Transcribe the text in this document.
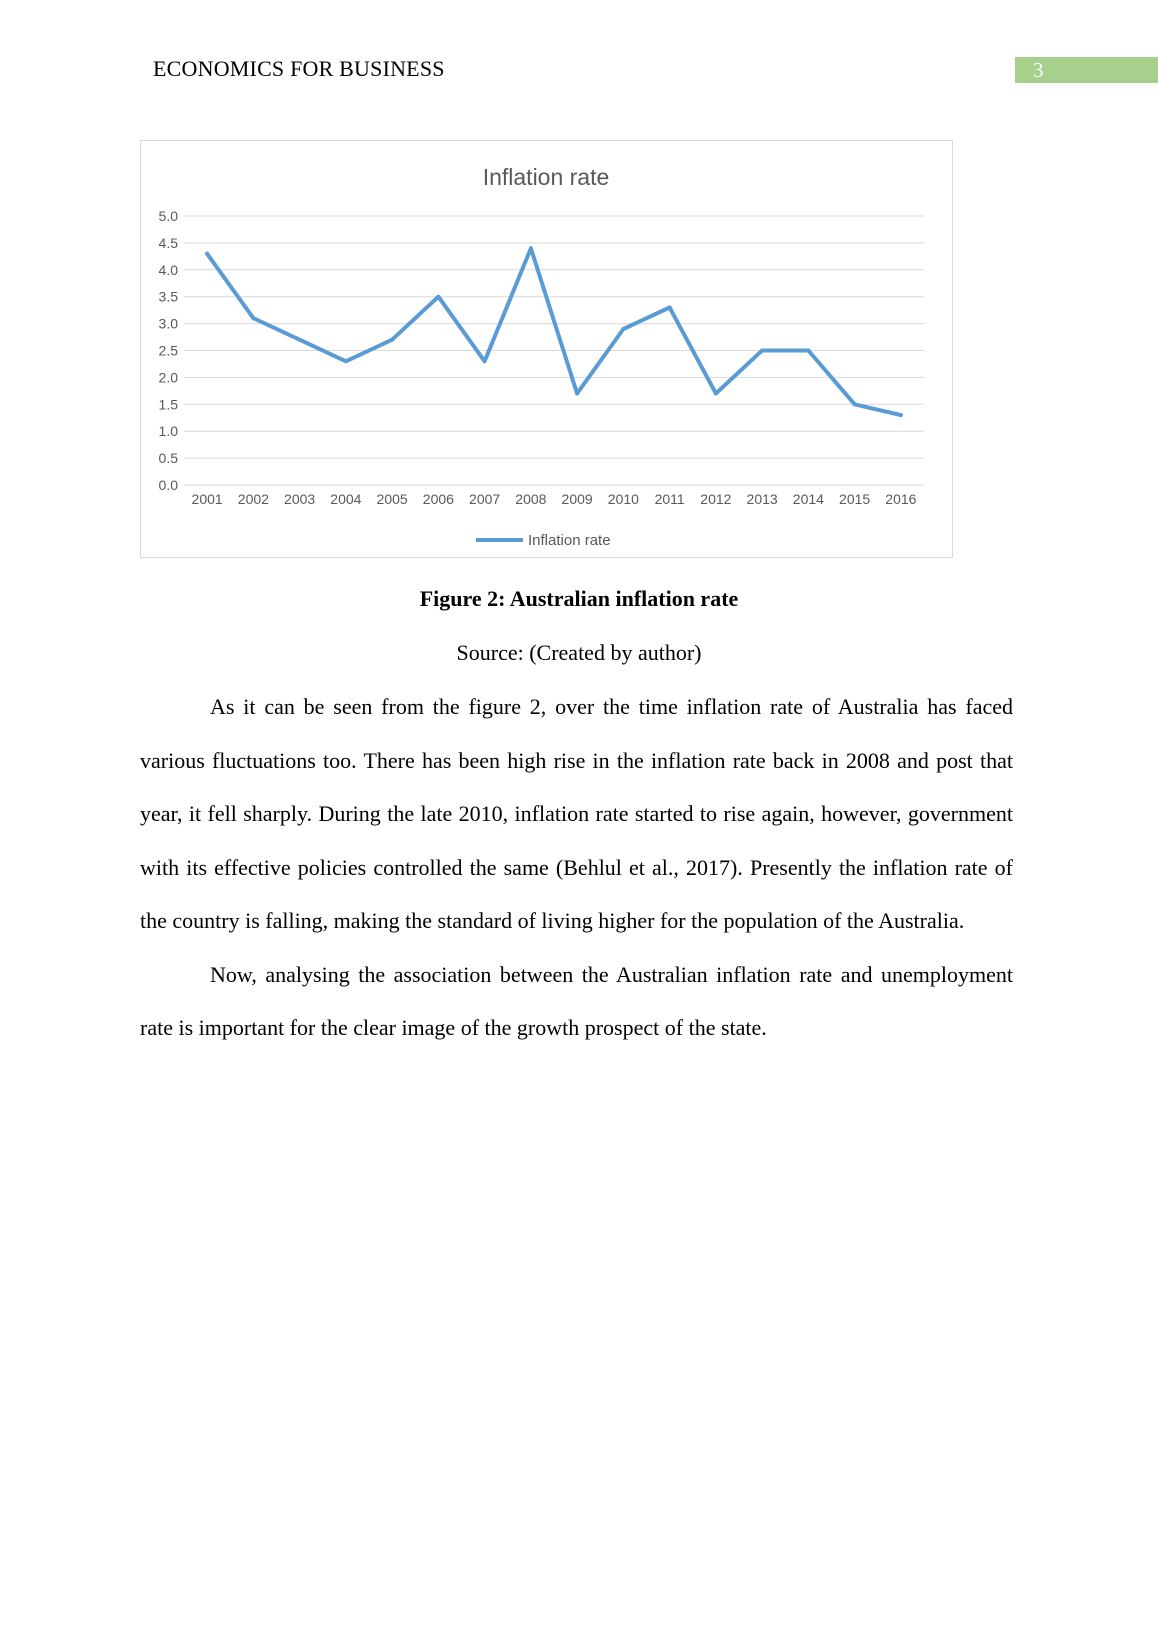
ECONOMICS FOR BUSINESS	3
Inflation rate
0.0
0.5
1.0
1.5
2.0
2.5
3.0
3.5
4.0
4.5
5.0
2001 2002 2003 2004 2005 2006 2007 2008 2009 2010 2011 2012 2013 2014 2015 2016
Inflation rate
Figure 2: Australian inflation rate
Source: (Created by author)

As it can be seen from the figure 2, over the time inflation rate of Australia has faced various fluctuations too. There has been high rise in the inflation rate back in 2008 and post that year, it fell sharply. During the late 2010, inflation rate started to rise again, however, government with its effective policies controlled the same (Behlul et al., 2017). Presently the inflation rate of the country is falling, making the standard of living higher for the population of the Australia.

Now, analysing the association between the Australian inflation rate and unemployment rate is important for the clear image of the growth prospect of the state.
